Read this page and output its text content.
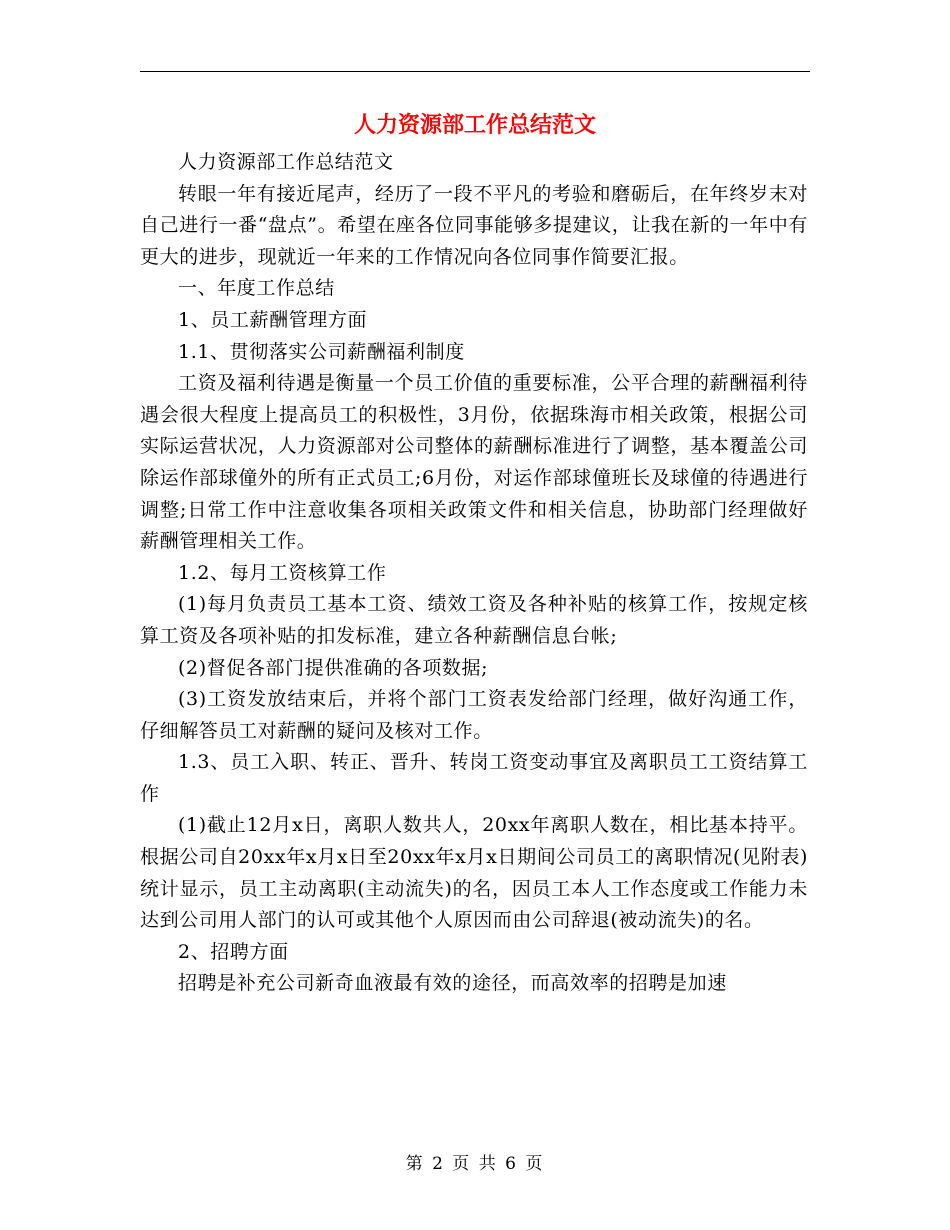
人力资源部工作总结范文

人力资源部工作总结范文

转眼一年有接近尾声，经历了一段不平凡的考验和磨砺后，在年终岁末对自己进行一番“盘点”。希望在座各位同事能够多提建议，让我在新的一年中有更大的进步，现就近一年来的工作情况向各位同事作简要汇报。

一、年度工作总结

1、员工薪酬管理方面

1.1、贯彻落实公司薪酬福利制度

工资及福利待遇是衡量一个员工价值的重要标准，公平合理的薪酬福利待遇会很大程度上提高员工的积极性，3月份，依据珠海市相关政策，根据公司实际运营状况，人力资源部对公司整体的薪酬标准进行了调整，基本覆盖公司除运作部球僮外的所有正式员工;6月份，对运作部球僮班长及球僮的待遇进行调整;日常工作中注意收集各项相关政策文件和相关信息，协助部门经理做好薪酬管理相关工作。

1.2、每月工资核算工作

(1)每月负责员工基本工资、绩效工资及各种补贴的核算工作，按规定核算工资及各项补贴的扣发标准，建立各种薪酬信息台帐;

(2)督促各部门提供准确的各项数据;

(3)工资发放结束后，并将个部门工资表发给部门经理，做好沟通工作，仔细解答员工对薪酬的疑问及核对工作。

1.3、员工入职、转正、晋升、转岗工资变动事宜及离职员工工资结算工作

(1)截止12月x日，离职人数共人，20xx年离职人数在，相比基本持平。根据公司自20xx年x月x日至20xx年x月x日期间公司员工的离职情况(见附表)统计显示，员工主动离职(主动流失)的名，因员工本人工作态度或工作能力未达到公司用人部门的认可或其他个人原因而由公司辞退(被动流失)的名。

2、招聘方面

招聘是补充公司新奇血液最有效的途径，而高效率的招聘是加速

第 2 页 共 6 页
